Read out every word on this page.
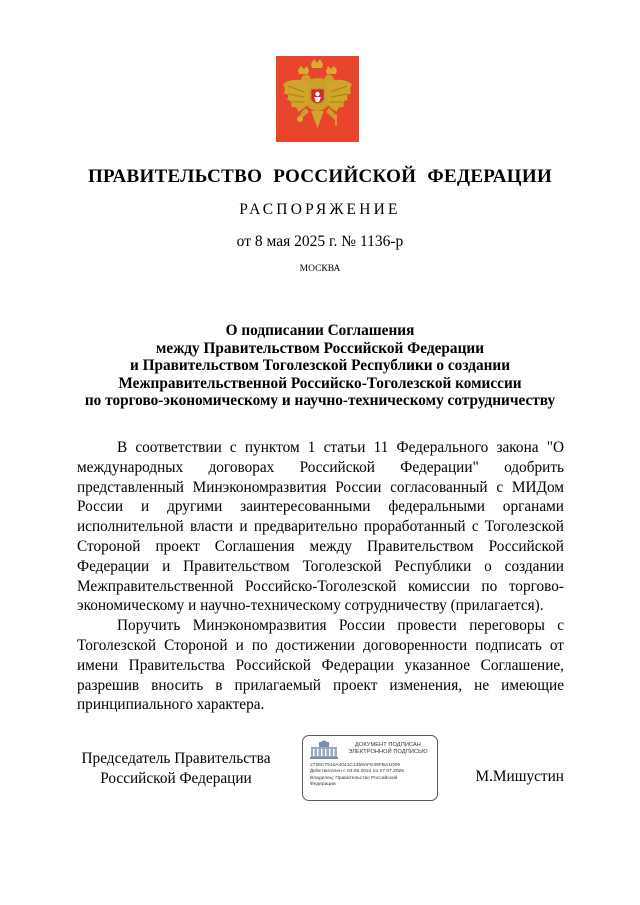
ПРАВИТЕЛЬСТВО РОССИЙСКОЙ ФЕДЕРАЦИИ
РАСПОРЯЖЕНИЕ
от 8 мая 2025 г. № 1136-р
МОСКВА
О подписании Соглашения
между Правительством Российской Федерации
и Правительством Тоголезской Республики о создании
Межправительственной Российско-Тоголезской комиссии
по торгово-экономическому и научно-техническому сотрудничеству

В соответствии с пунктом 1 статьи 11 Федерального закона "О международных договорах Российской Федерации" одобрить представленный Минэкономразвития России согласованный с МИДом России и другими заинтересованными федеральными органами исполнительной власти и предварительно проработанный с Тоголезской Стороной проект Соглашения между Правительством Российской Федерации и Правительством Тоголезской Республики о создании Межправительственной Российско-Тоголезской комиссии по торгово-экономическому и научно-техническому сотрудничеству (прилагается).

Поручить Минэкономразвития России провести переговоры с Тоголезской Стороной и по достижении договоренности подписать от имени Правительства Российской Федерации указанное Соглашение, разрешив вносить в прилагаемый проект изменения, не имеющие принципиального характера.

Председатель Правительства
Российской Федерации
ДОКУМЕНТ ПОДПИСАН
ЭЛЕКТРОННОЙ ПОДПИСЬЮ
2726C7910A4041C1458AFE36FBA1D09
Действителен с 03.05.2024 по 27.07.2025
Владелец: Правительство Российской
Федерации	М.Мишустин
